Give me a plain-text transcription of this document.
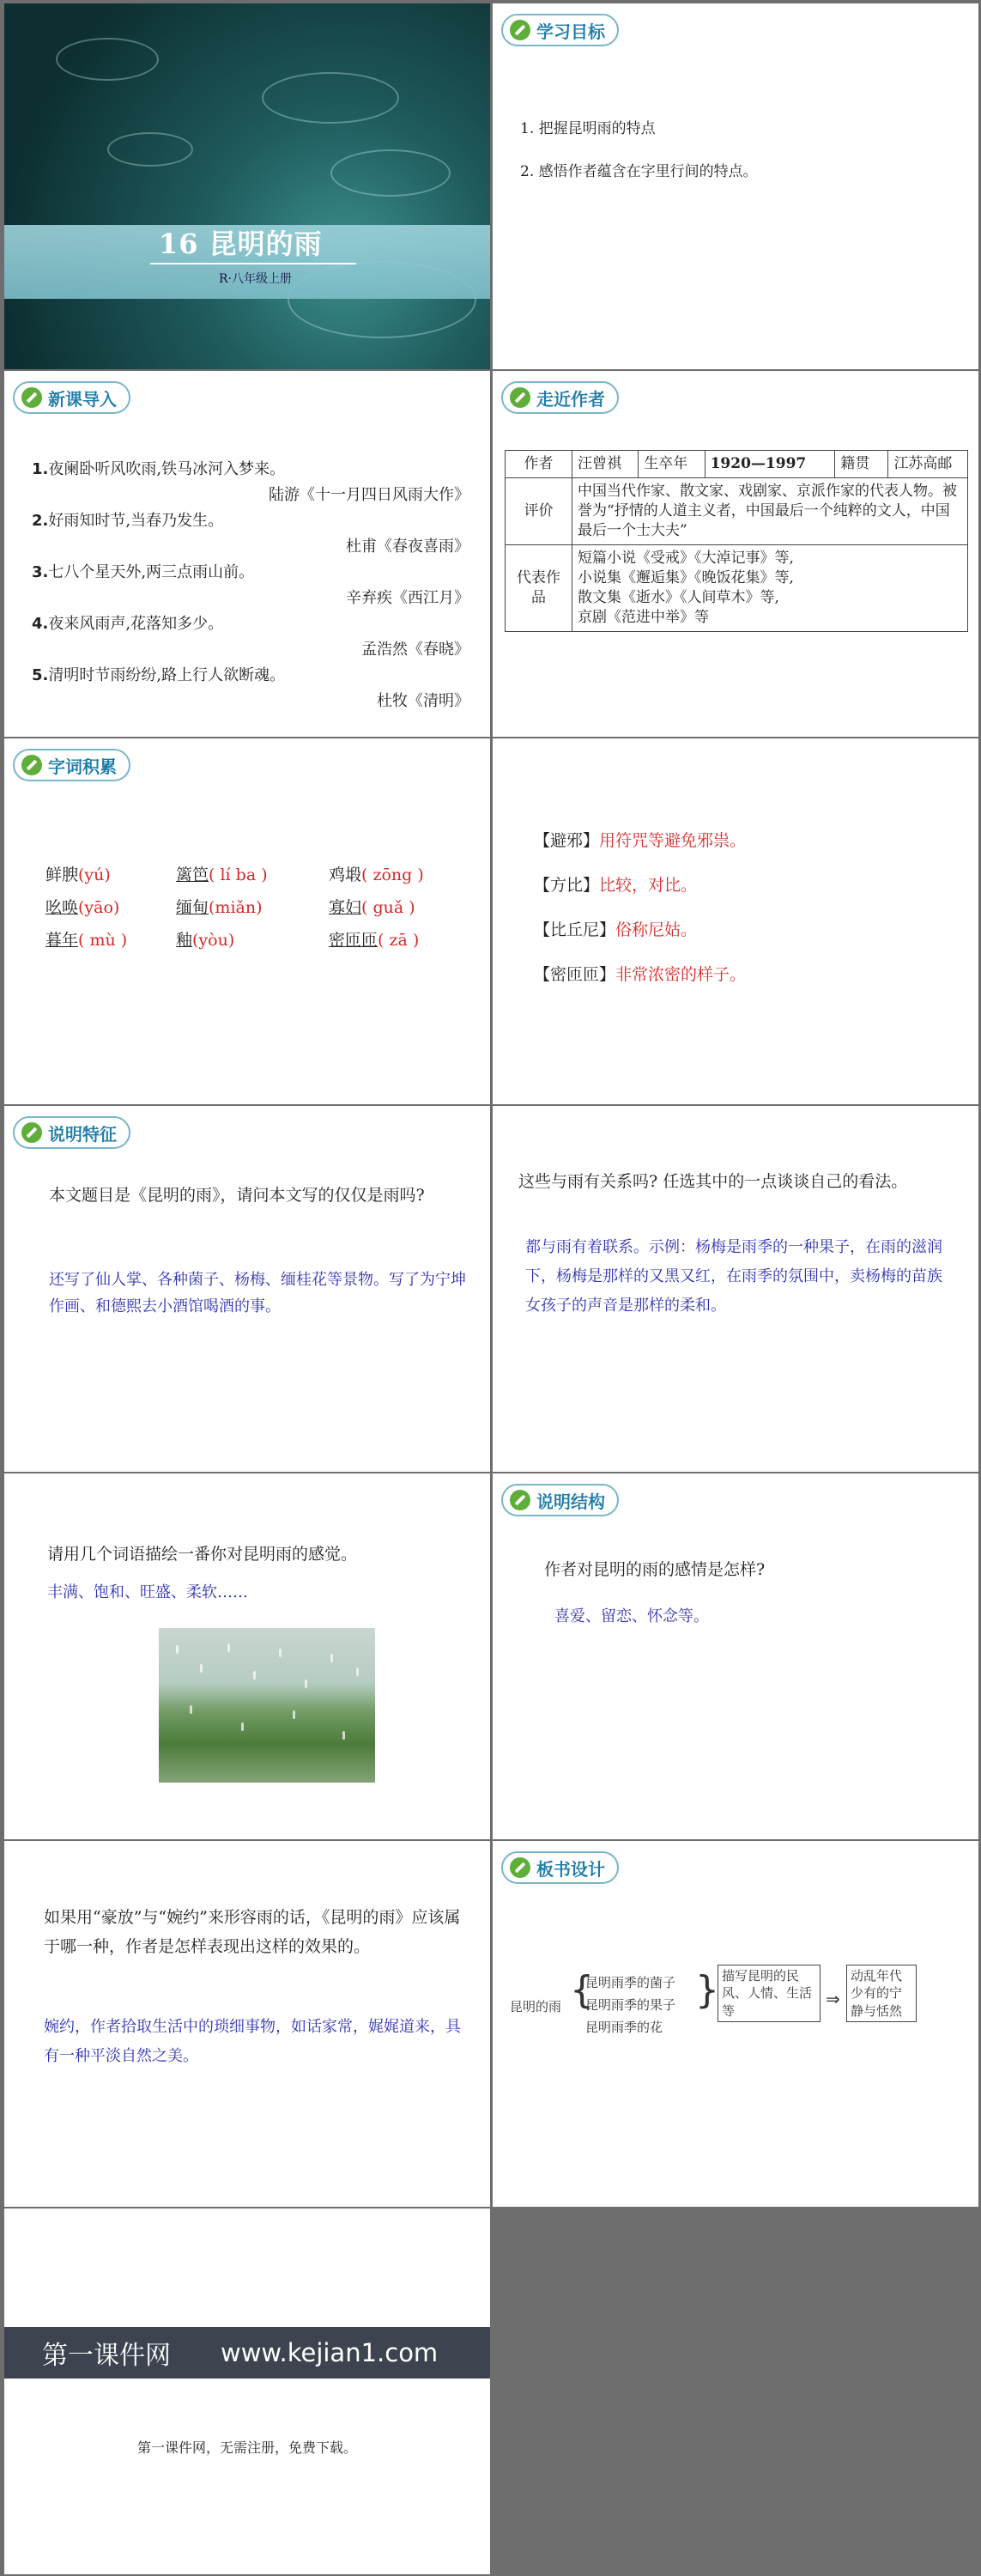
16 昆明的雨
R·八年级上册
学习目标
1. 把握昆明雨的特点
2. 感悟作者蕴含在字里行间的特点。
新课导入
1.夜阑卧听风吹雨,铁马冰河入梦来。
陆游《十一月四日风雨大作》
2.好雨知时节,当春乃发生。
杜甫《春夜喜雨》
3.七八个星天外,两三点雨山前。
辛弃疾《西江月》
4.夜来风雨声,花落知多少。
孟浩然《春晓》
5.清明时节雨纷纷,路上行人欲断魂。
杜牧《清明》
走近作者
作者	汪曾祺	生卒年	1920—1997	籍贯	江苏高邮
评价	中国当代作家、散文家、戏剧家、京派作家的代表人物。被誉为“抒情的人道主义者，中国最后一个纯粹的文人，中国最后一个士大夫”				
代表作品	短篇小说《受戒》《大淖记事》等,
小说集《邂逅集》《晚饭花集》等,
散文集《逝水》《人间草木》等,
京剧《范进中举》等				
字词积累
鲜腴(yú)	篱笆( lí ba )	鸡塅( zōng )
吆唤(yāo)	缅甸(miǎn)	寡妇( guǎ )
暮年( mù )	釉(yòu)	密匝匝( zā )
【避邪】用符咒等避免邪祟。
【方比】比较，对比。
【比丘尼】俗称尼姑。
【密匝匝】非常浓密的样子。
说明特征
本文题目是《昆明的雨》，请问本文写的仅仅是雨吗?
还写了仙人掌、各种菌子、杨梅、缅桂花等景物。写了为宁坤作画、和德熙去小酒馆喝酒的事。
这些与雨有关系吗? 任选其中的一点谈谈自己的看法。
都与雨有着联系。示例：杨梅是雨季的一种果子，在雨的滋润下，杨梅是那样的又黑又红，在雨季的氛围中，卖杨梅的苗族女孩子的声音是那样的柔和。
请用几个词语描绘一番你对昆明雨的感觉。
丰满、饱和、旺盛、柔软……
说明结构
作者对昆明的雨的感情是怎样?
喜爱、留恋、怀念等。
如果用“豪放”与“婉约”来形容雨的话，《昆明的雨》应该属于哪一种，作者是怎样表现出这样的效果的。
婉约，作者拾取生活中的琐细事物，如话家常，娓娓道来，具有一种平淡自然之美。
板书设计
昆明的雨 {
昆明雨季的菌子
昆明雨季的果子
昆明雨季的花
{ 描写昆明的民风、人情、生活等
⇒
动乱年代少有的宁静与恬然
第一课件网 www.kejian1.com
第一课件网，无需注册，免费下载。
